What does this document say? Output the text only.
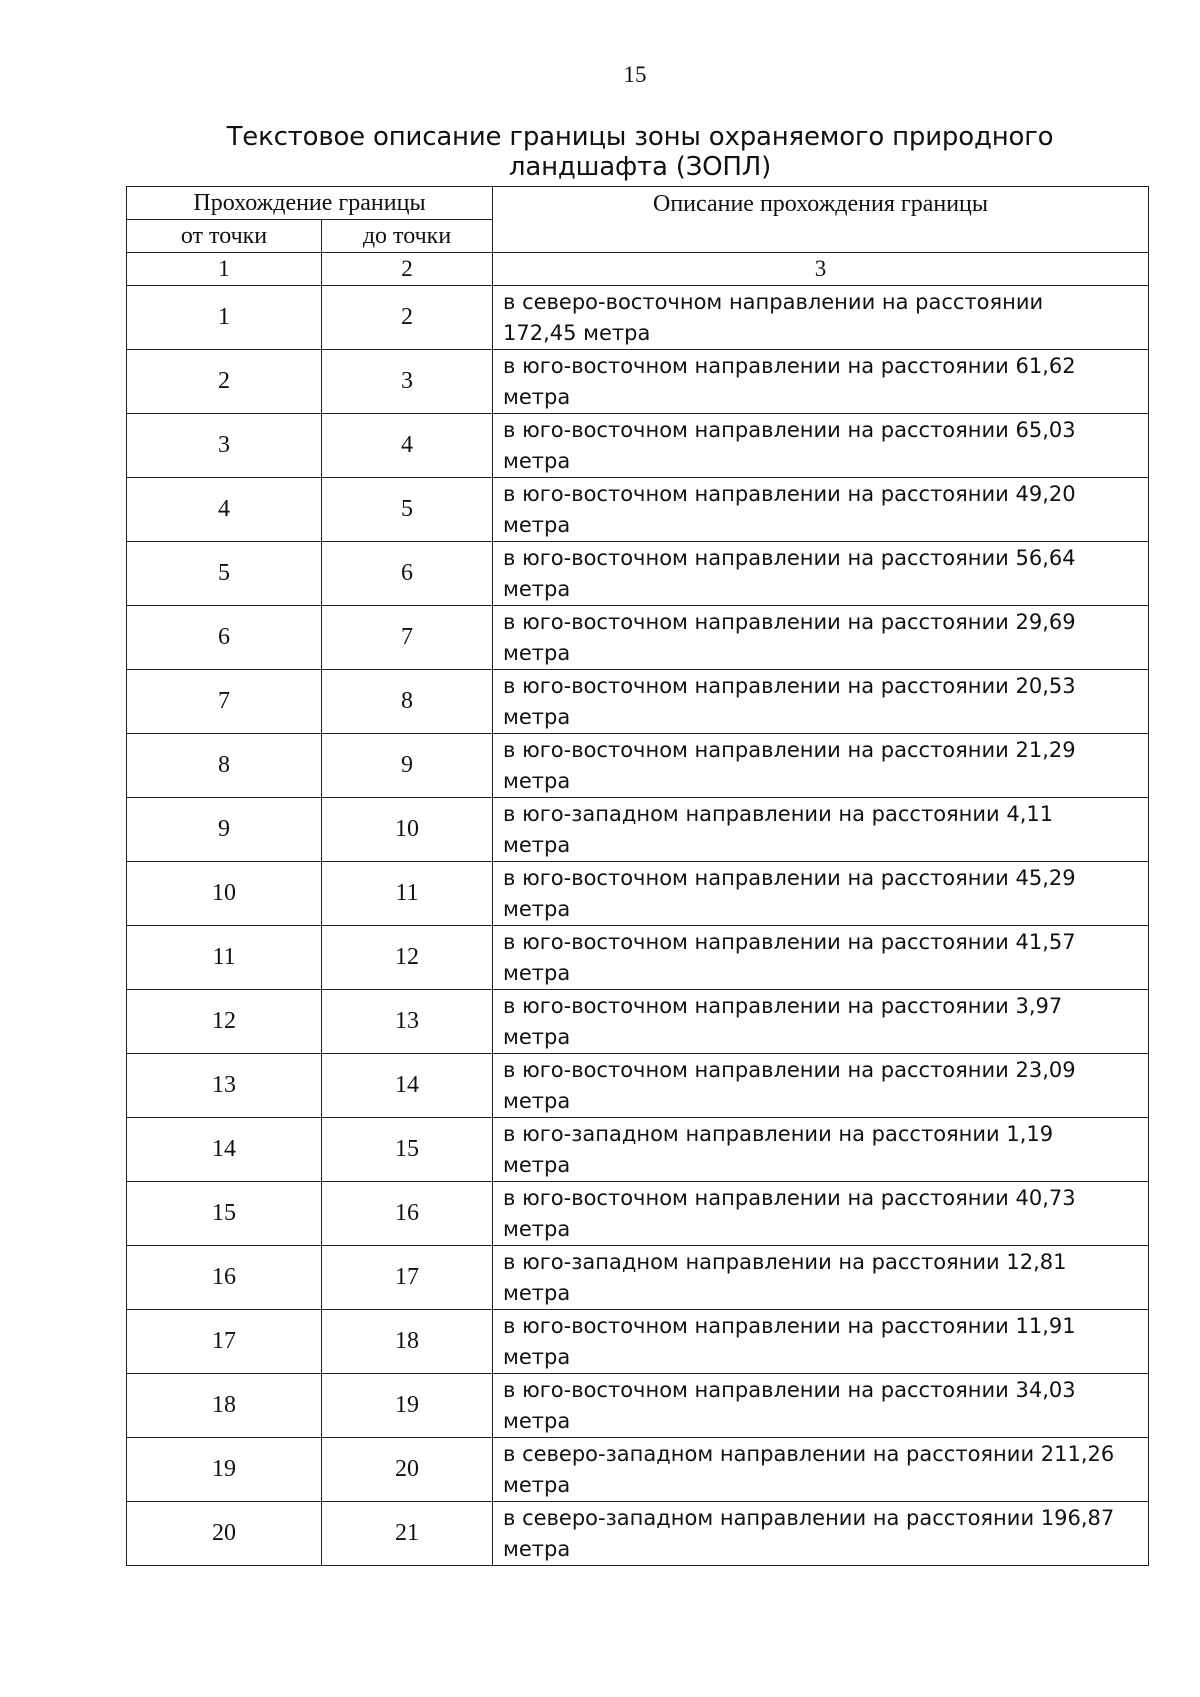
15
Текстовое описание границы зоны охраняемого природного ландшафта (ЗОПЛ)
Прохождение границы		Описание прохождения границы
от точки	до точки	
1	2	3
1	2	в северо-восточном направлении на расстоянии
172,45 метра

2	3	в юго-восточном направлении на расстоянии 61,62
метра

3	4	в юго-восточном направлении на расстоянии 65,03
метра

4	5	в юго-восточном направлении на расстоянии 49,20
метра

5	6	в юго-восточном направлении на расстоянии 56,64
метра

6	7	в юго-восточном направлении на расстоянии 29,69
метра

7	8	в юго-восточном направлении на расстоянии 20,53
метра

8	9	в юго-восточном направлении на расстоянии 21,29
метра

9	10	в юго-западном направлении на расстоянии 4,11
метра

10	11	в юго-восточном направлении на расстоянии 45,29
метра

11	12	в юго-восточном направлении на расстоянии 41,57
метра

12	13	в юго-восточном направлении на расстоянии 3,97
метра

13	14	в юго-восточном направлении на расстоянии 23,09
метра

14	15	в юго-западном направлении на расстоянии 1,19
метра

15	16	в юго-восточном направлении на расстоянии 40,73
метра

16	17	в юго-западном направлении на расстоянии 12,81
метра

17	18	в юго-восточном направлении на расстоянии 11,91
метра

18	19	в юго-восточном направлении на расстоянии 34,03
метра

19	20	в северо-западном направлении на расстоянии 211,26
метра

20	21	в северо-западном направлении на расстоянии 196,87
метра
